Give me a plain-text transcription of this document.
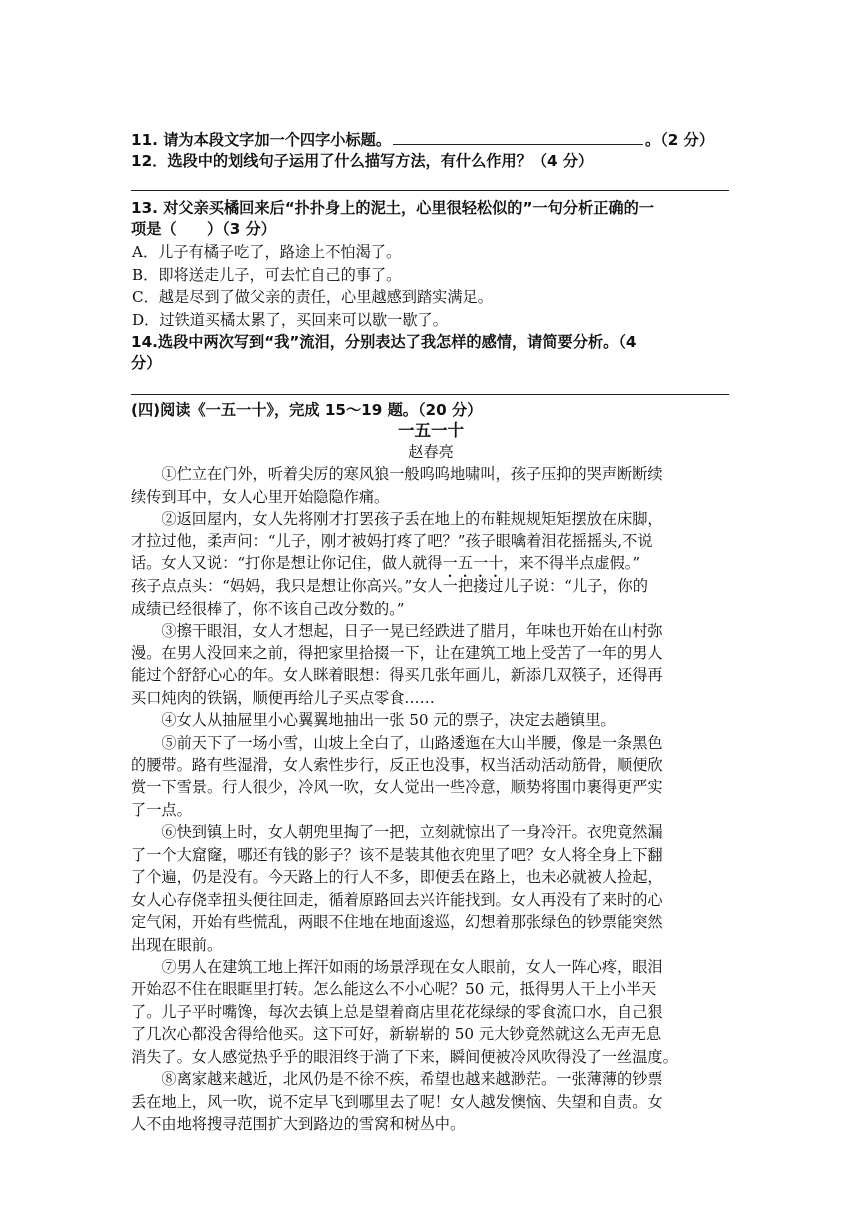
11. 请为本段文字加一个四字小标题。	。（2 分）
12．选段中的划线句子运用了什么描写方法，有什么作用？（4 分）
13. 对父亲买橘回来后“扑扑身上的泥土，心里很轻松似的”一句分析正确的一
项是（　　）（3 分）
A．儿子有橘子吃了，路途上不怕渴了。
B．即将送走儿子，可去忙自己的事了。
C．越是尽到了做父亲的责任，心里越感到踏实满足。
D．过铁道买橘太累了，买回来可以歇一歇了。
14.选段中两次写到“我”流泪，分别表达了我怎样的感情，请简要分析。（4
分）
(四)阅读《一五一十》，完成 15～19 题。（20 分）
一五一十
赵春亮
　　①伫立在门外，听着尖厉的寒风狼一般呜呜地啸叫，孩子压抑的哭声断断续
续传到耳中，女人心里开始隐隐作痛。
　　②返回屋内，女人先将刚才打罢孩子丢在地上的布鞋规规矩矩摆放在床脚，
才拉过他，柔声问：“儿子，刚才被妈打疼了吧？”孩子眼噙着泪花摇摇头,不说
话。女人又说：“打你是想让你记住，做人就得一五一十，来不得半点虚假。”
孩子点点头：“妈妈，我只是想让你高兴。”女人一把搂过儿子说：“儿子，你的
成绩已经很棒了，你不该自己改分数的。”
　　③擦干眼泪，女人才想起，日子一晃已经跌进了腊月，年味也开始在山村弥
漫。在男人没回来之前，得把家里拾掇一下，让在建筑工地上受苦了一年的男人
能过个舒舒心心的年。女人眯着眼想：得买几张年画儿，新添几双筷子，还得再
买口炖肉的铁锅，顺便再给儿子买点零食……
　　④女人从抽屉里小心翼翼地抽出一张 50 元的票子，决定去趟镇里。
　　⑤前天下了一场小雪，山坡上全白了，山路逶迤在大山半腰，像是一条黑色
的腰带。路有些湿滑，女人索性步行，反正也没事，权当活动活动筋骨，顺便欣
赏一下雪景。行人很少，冷风一吹，女人觉出一些冷意，顺势将围巾裹得更严实
了一点。
　　⑥快到镇上时，女人朝兜里掏了一把，立刻就惊出了一身冷汗。衣兜竟然漏
了一个大窟窿，哪还有钱的影子？该不是装其他衣兜里了吧？女人将全身上下翻
了个遍，仍是没有。今天路上的行人不多，即便丢在路上，也未必就被人捡起，
女人心存侥幸扭头便往回走，循着原路回去兴许能找到。女人再没有了来时的心
定气闲，开始有些慌乱，两眼不住地在地面逡巡，幻想着那张绿色的钞票能突然
出现在眼前。
　　⑦男人在建筑工地上挥汗如雨的场景浮现在女人眼前，女人一阵心疼，眼泪
开始忍不住在眼眶里打转。怎么能这么不小心呢？50 元，抵得男人干上小半天
了。儿子平时嘴馋，每次去镇上总是望着商店里花花绿绿的零食流口水，自己狠
了几次心都没舍得给他买。这下可好，新崭崭的 50 元大钞竟然就这么无声无息
消失了。女人感觉热乎乎的眼泪终于淌了下来，瞬间便被冷风吹得没了一丝温度。
　　⑧离家越来越近，北风仍是不徐不疾，希望也越来越渺茫。一张薄薄的钞票
丢在地上，风一吹，说不定早飞到哪里去了呢！女人越发懊恼、失望和自责。女
人不由地将搜寻范围扩大到路边的雪窝和树丛中。
